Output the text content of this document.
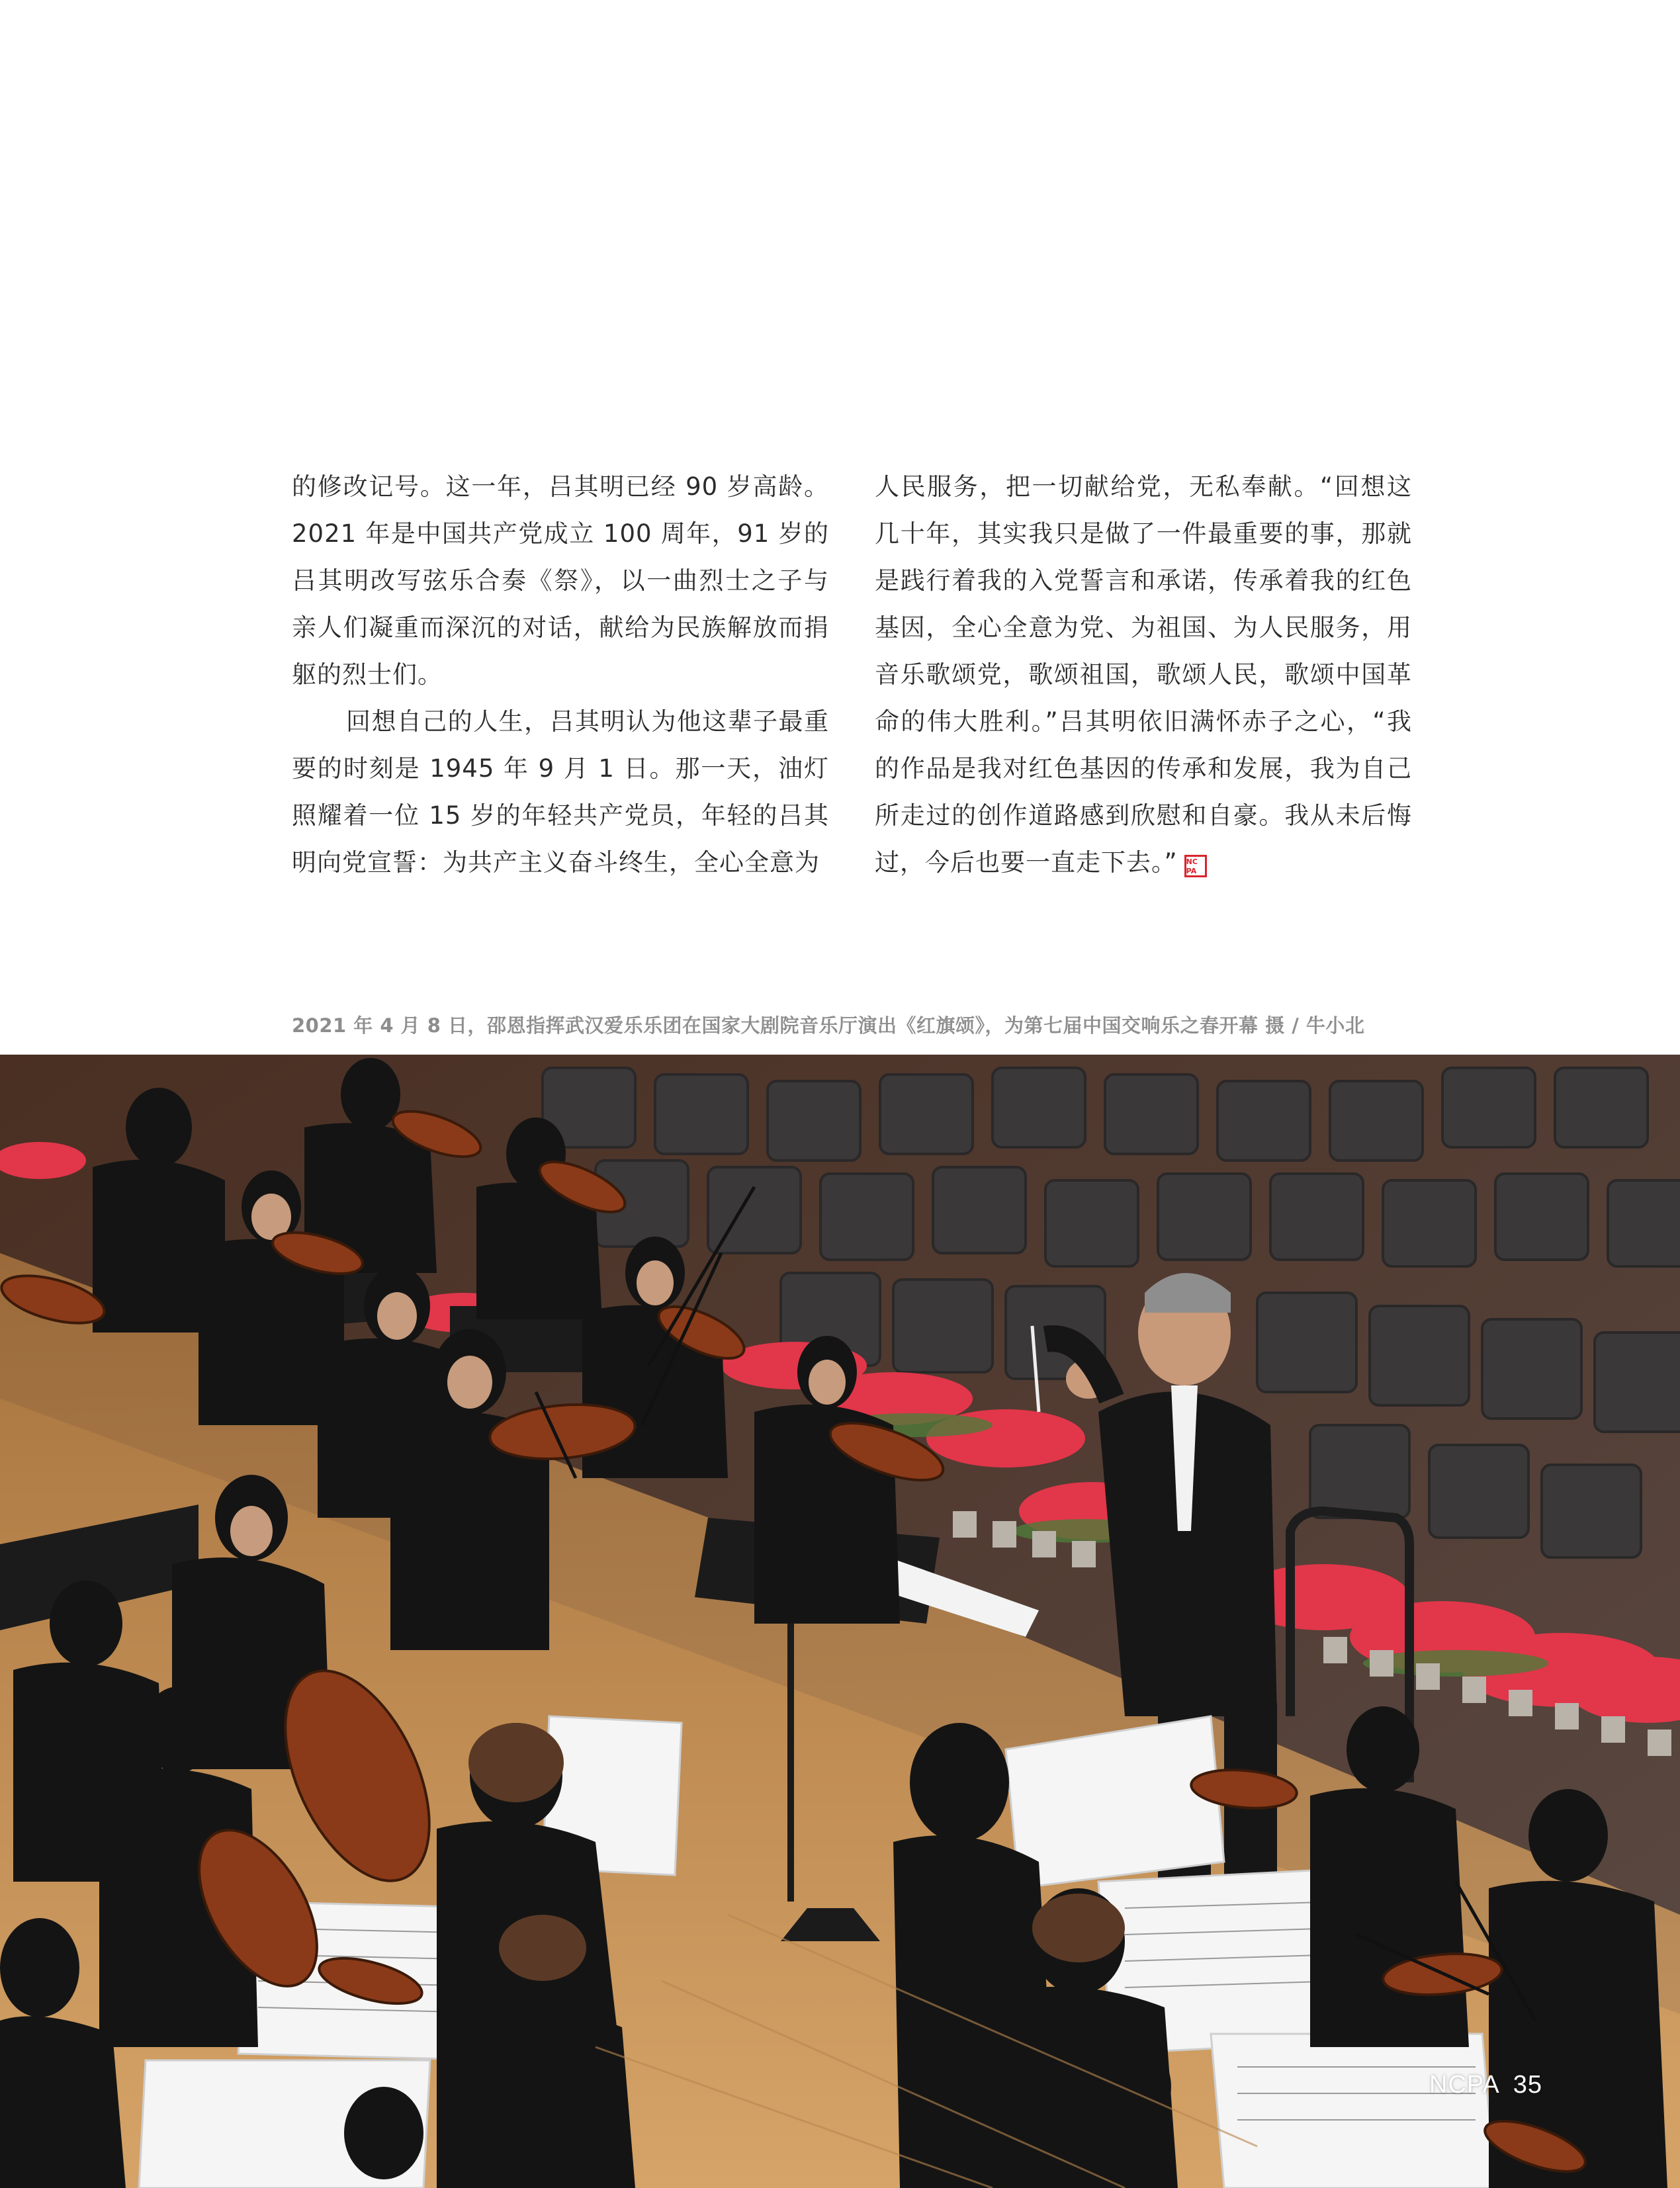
的修改记号。这一年，吕其明已经 90 岁高龄。2021 年是中国共产党成立 100 周年，91 岁的吕其明改写弦乐合奏《祭》，以一曲烈士之子与亲人们凝重而深沉的对话，献给为民族解放而捐躯的烈士们。

回想自己的人生，吕其明认为他这辈子最重要的时刻是 1945 年 9 月 1 日。那一天，油灯照耀着一位 15 岁的年轻共产党员，年轻的吕其明向党宣誓：为共产主义奋斗终生，全心全意为

人民服务，把一切献给党，无私奉献。“回想这几十年，其实我只是做了一件最重要的事，那就是践行着我的入党誓言和承诺，传承着我的红色基因，全心全意为党、为祖国、为人民服务，用音乐歌颂党，歌颂祖国，歌颂人民，歌颂中国革命的伟大胜利。”吕其明依旧满怀赤子之心，“我的作品是我对红色基因的传承和发展，我为自己所走过的创作道路感到欣慰和自豪。我从未后悔过，今后也要一直走下去。” NC
PA

2021 年 4 月 8 日，邵恩指挥武汉爱乐乐团在国家大剧院音乐厅演出《红旗颂》，为第七届中国交响乐之春开幕 摄 / 牛小北
NCPA 35
